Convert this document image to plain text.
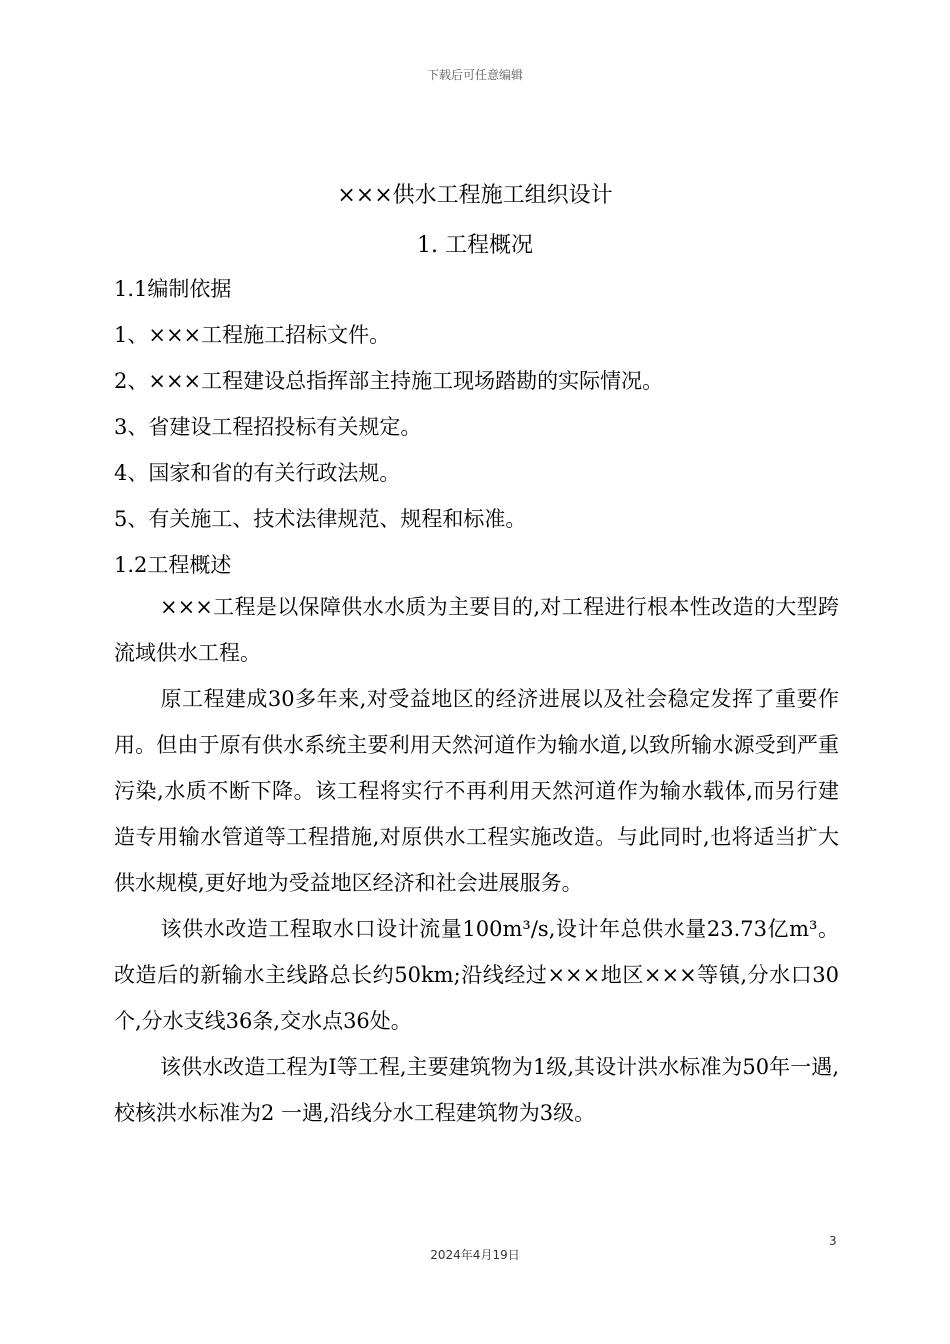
下载后可任意编辑
×××供水工程施工组织设计
1. 工程概况
1.1编制依据
1、×××工程施工招标文件。
2、×××工程建设总指挥部主持施工现场踏勘的实际情况。
3、省建设工程招投标有关规定。
4、国家和省的有关行政法规。
5、有关施工、技术法律规范、规程和标准。
1.2工程概述

×××工程是以保障供水水质为主要目的,对工程进行根本性改造的大型跨流域供水工程。

原工程建成30多年来,对受益地区的经济进展以及社会稳定发挥了重要作用。但由于原有供水系统主要利用天然河道作为输水道,以致所输水源受到严重污染,水质不断下降。该工程将实行不再利用天然河道作为输水载体,而另行建造专用输水管道等工程措施,对原供水工程实施改造。与此同时,也将适当扩大供水规模,更好地为受益地区经济和社会进展服务。

该供水改造工程取水口设计流量100m³/s,设计年总供水量23.73亿m³。改造后的新输水主线路总长约50km;沿线经过×××地区×××等镇,分水口30个,分水支线36条,交水点36处。

该供水改造工程为Ⅰ等工程,主要建筑物为1级,其设计洪水标准为50年一遇,校核洪水标准为2 一遇,沿线分水工程建筑物为3级。

3
2024年4月19日
